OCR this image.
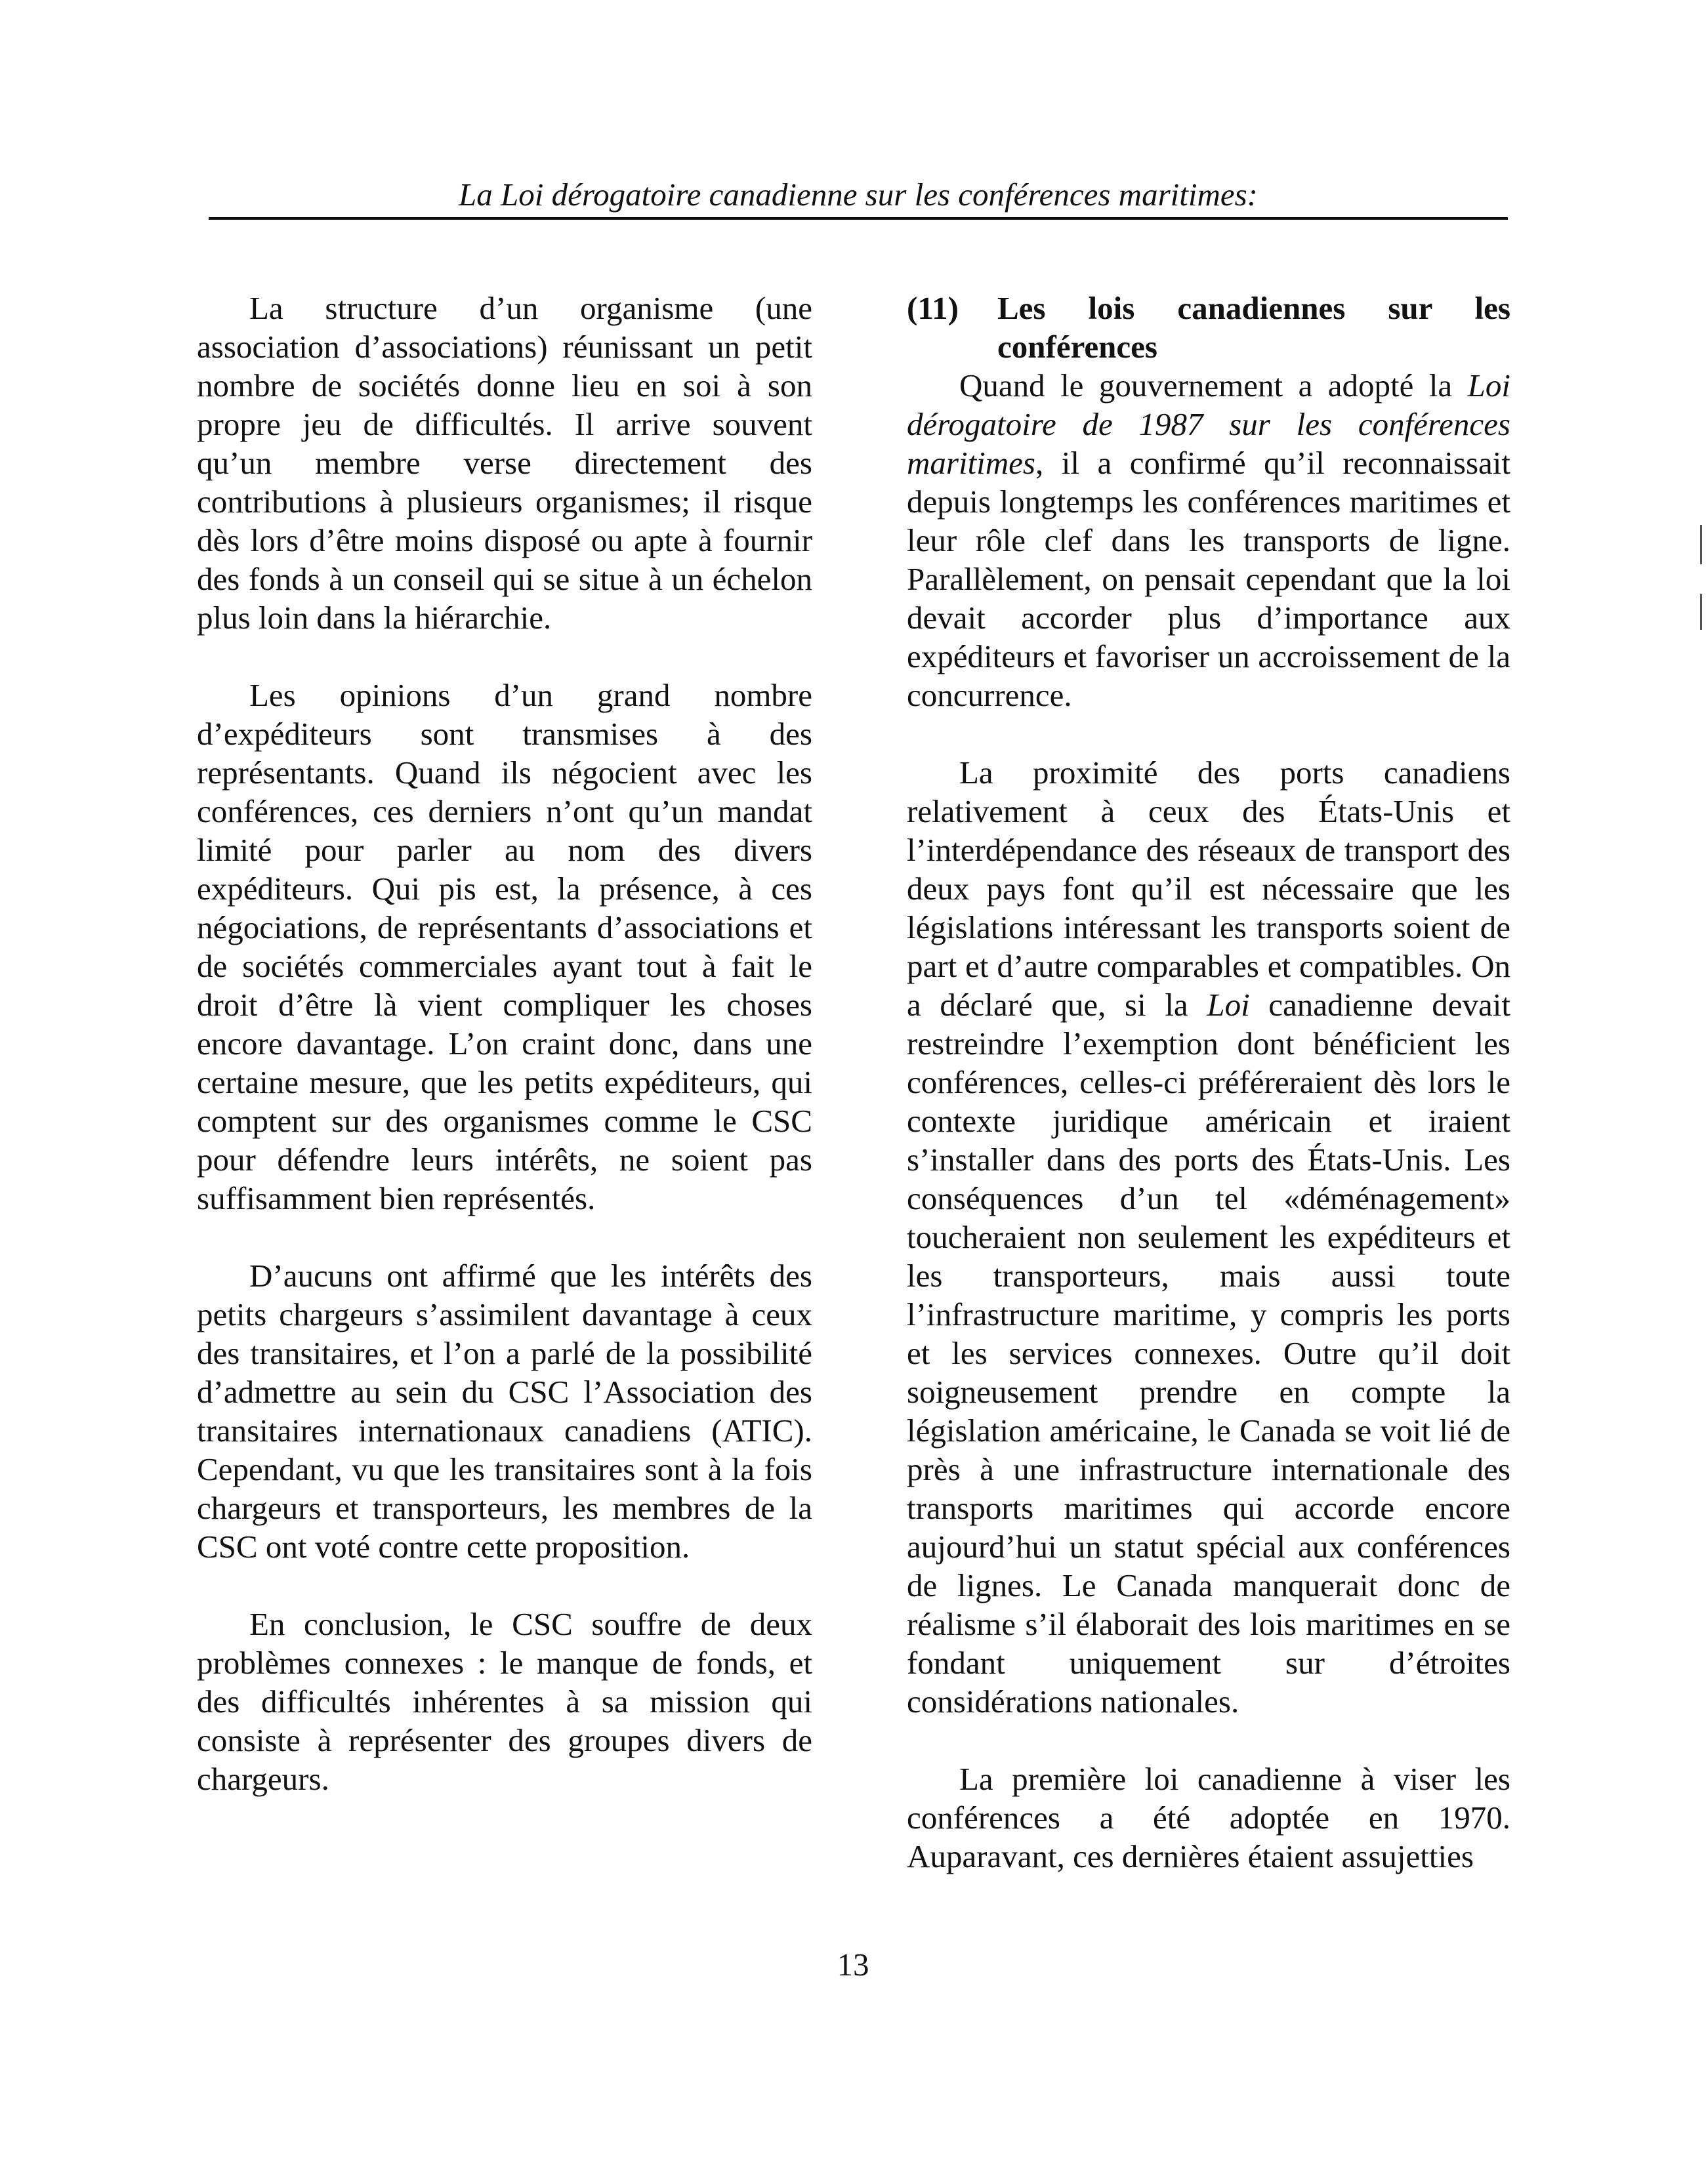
La Loi dérogatoire canadienne sur les conférences maritimes:

La structure d’un organisme (une association d’associations) réunissant un petit nombre de sociétés donne lieu en soi à son propre jeu de difficultés. Il arrive souvent qu’un membre verse directement des contributions à plusieurs organismes; il risque dès lors d’être moins disposé ou apte à fournir des fonds à un conseil qui se situe à un échelon plus loin dans la hiérarchie.

Les opinions d’un grand nombre d’expéditeurs sont transmises à des représentants. Quand ils négocient avec les conférences, ces derniers n’ont qu’un mandat limité pour parler au nom des divers expéditeurs. Qui pis est, la présence, à ces négociations, de représentants d’associations et de sociétés commerciales ayant tout à fait le droit d’être là vient compliquer les choses encore davantage. L’on craint donc, dans une certaine mesure, que les petits expéditeurs, qui comptent sur des organismes comme le CSC pour défendre leurs intérêts, ne soient pas suffisamment bien représentés.

D’aucuns ont affirmé que les intérêts des petits chargeurs s’assimilent davantage à ceux des transitaires, et l’on a parlé de la possibilité d’admettre au sein du CSC l’Association des transitaires internationaux canadiens (ATIC). Cependant, vu que les transitaires sont à la fois chargeurs et transporteurs, les membres de la CSC ont voté contre cette proposition.

En conclusion, le CSC souffre de deux problèmes connexes : le manque de fonds, et des difficultés inhérentes à sa mission qui consiste à représenter des groupes divers de chargeurs.

(11)	Les lois canadiennes sur les conférences

Quand le gouvernement a adopté la Loi dérogatoire de 1987 sur les conférences maritimes, il a confirmé qu’il reconnaissait depuis longtemps les conférences maritimes et leur rôle clef dans les transports de ligne. Parallèlement, on pensait cependant que la loi devait accorder plus d’importance aux expéditeurs et favoriser un accroissement de la concurrence.

La proximité des ports canadiens relativement à ceux des États-Unis et l’interdépendance des réseaux de transport des deux pays font qu’il est nécessaire que les législations intéressant les transports soient de part et d’autre comparables et compatibles. On a déclaré que, si la Loi canadienne devait restreindre l’exemption dont bénéficient les conférences, celles-ci préféreraient dès lors le contexte juridique américain et iraient s’installer dans des ports des États-Unis. Les conséquences d’un tel «déménagement» toucheraient non seulement les expéditeurs et les transporteurs, mais aussi toute l’infrastructure maritime, y compris les ports et les services connexes. Outre qu’il doit soigneusement prendre en compte la législation américaine, le Canada se voit lié de près à une infrastructure internationale des transports maritimes qui accorde encore aujourd’hui un statut spécial aux conférences de lignes. Le Canada manquerait donc de réalisme s’il élaborait des lois maritimes en se fondant uniquement sur d’étroites considérations nationales.

La première loi canadienne à viser les conférences a été adoptée en 1970. Auparavant, ces dernières étaient assujetties

13
